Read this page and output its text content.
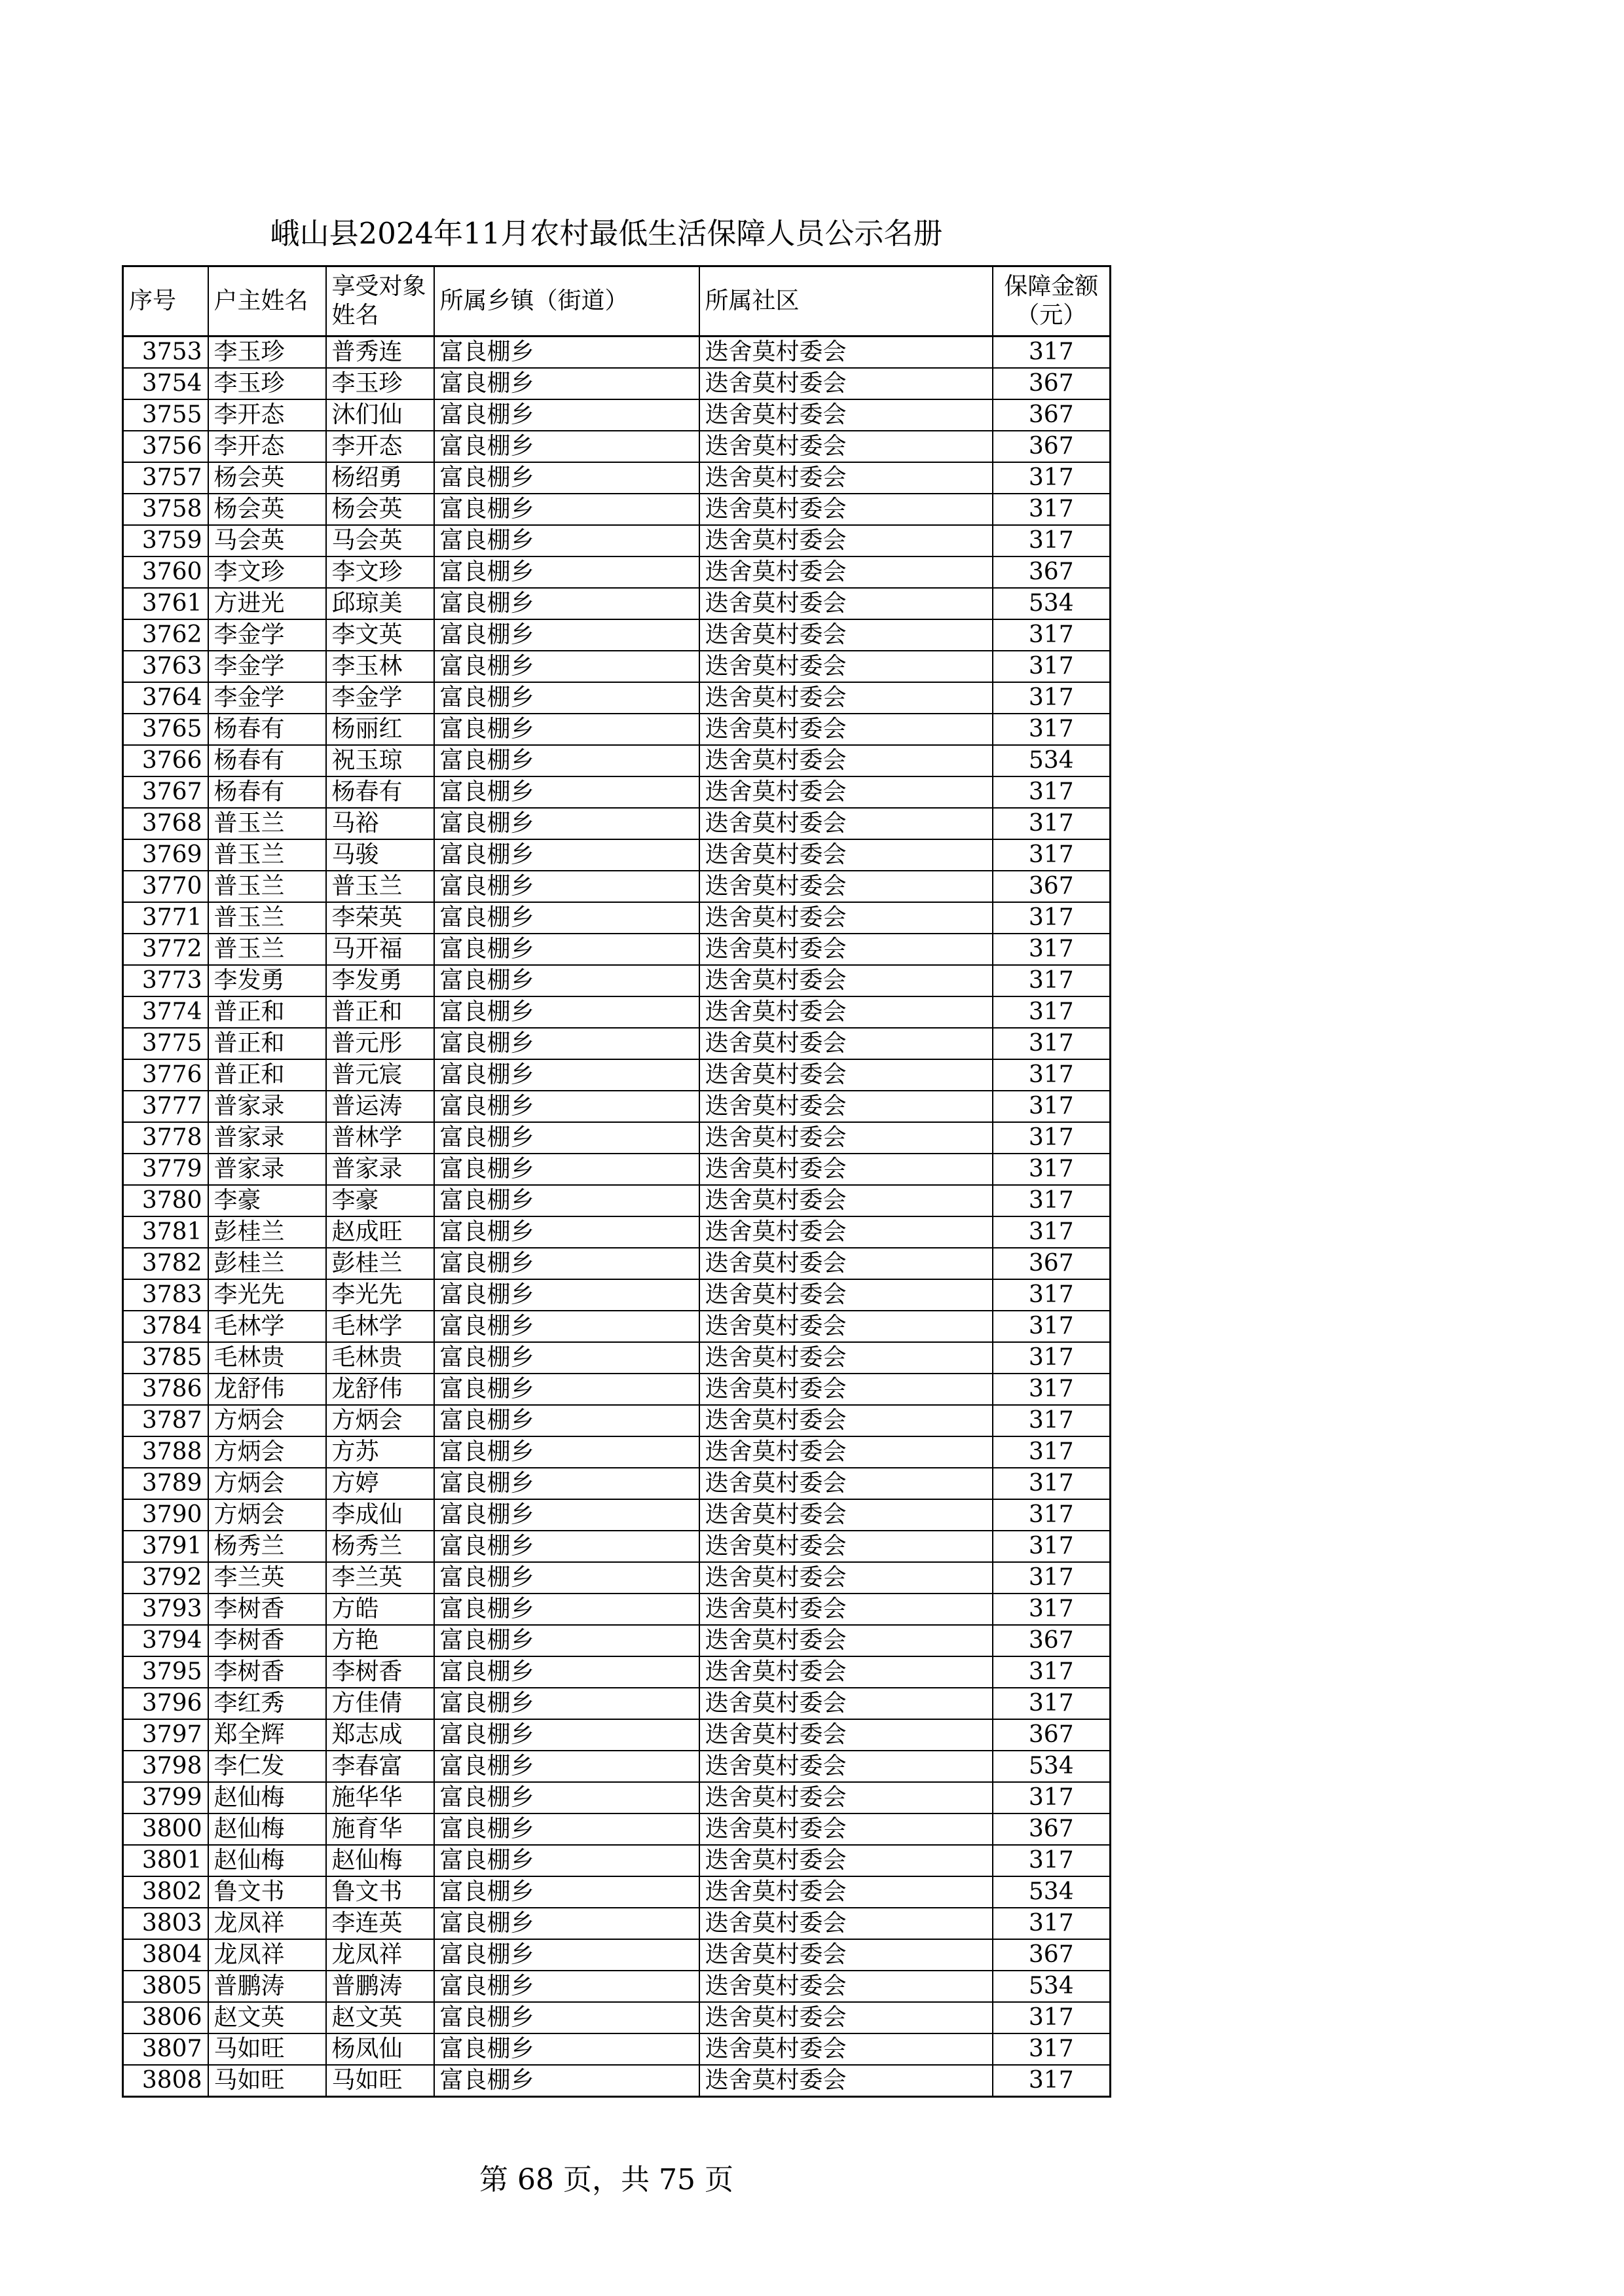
峨山县2024年11月农村最低生活保障人员公示名册
序号	户主姓名	享受对象姓名	所属乡镇（街道）	所属社区	保障金额（元）
3753	李玉珍	普秀连	富良棚乡	迭舍莫村委会	317
3754	李玉珍	李玉珍	富良棚乡	迭舍莫村委会	367
3755	李开态	沐们仙	富良棚乡	迭舍莫村委会	367
3756	李开态	李开态	富良棚乡	迭舍莫村委会	367
3757	杨会英	杨绍勇	富良棚乡	迭舍莫村委会	317
3758	杨会英	杨会英	富良棚乡	迭舍莫村委会	317
3759	马会英	马会英	富良棚乡	迭舍莫村委会	317
3760	李文珍	李文珍	富良棚乡	迭舍莫村委会	367
3761	方进光	邱琼美	富良棚乡	迭舍莫村委会	534
3762	李金学	李文英	富良棚乡	迭舍莫村委会	317
3763	李金学	李玉林	富良棚乡	迭舍莫村委会	317
3764	李金学	李金学	富良棚乡	迭舍莫村委会	317
3765	杨春有	杨丽红	富良棚乡	迭舍莫村委会	317
3766	杨春有	祝玉琼	富良棚乡	迭舍莫村委会	534
3767	杨春有	杨春有	富良棚乡	迭舍莫村委会	317
3768	普玉兰	马裕	富良棚乡	迭舍莫村委会	317
3769	普玉兰	马骏	富良棚乡	迭舍莫村委会	317
3770	普玉兰	普玉兰	富良棚乡	迭舍莫村委会	367
3771	普玉兰	李荣英	富良棚乡	迭舍莫村委会	317
3772	普玉兰	马开福	富良棚乡	迭舍莫村委会	317
3773	李发勇	李发勇	富良棚乡	迭舍莫村委会	317
3774	普正和	普正和	富良棚乡	迭舍莫村委会	317
3775	普正和	普元彤	富良棚乡	迭舍莫村委会	317
3776	普正和	普元宸	富良棚乡	迭舍莫村委会	317
3777	普家录	普运涛	富良棚乡	迭舍莫村委会	317
3778	普家录	普林学	富良棚乡	迭舍莫村委会	317
3779	普家录	普家录	富良棚乡	迭舍莫村委会	317
3780	李豪	李豪	富良棚乡	迭舍莫村委会	317
3781	彭桂兰	赵成旺	富良棚乡	迭舍莫村委会	317
3782	彭桂兰	彭桂兰	富良棚乡	迭舍莫村委会	367
3783	李光先	李光先	富良棚乡	迭舍莫村委会	317
3784	毛林学	毛林学	富良棚乡	迭舍莫村委会	317
3785	毛林贵	毛林贵	富良棚乡	迭舍莫村委会	317
3786	龙舒伟	龙舒伟	富良棚乡	迭舍莫村委会	317
3787	方炳会	方炳会	富良棚乡	迭舍莫村委会	317
3788	方炳会	方苏	富良棚乡	迭舍莫村委会	317
3789	方炳会	方婷	富良棚乡	迭舍莫村委会	317
3790	方炳会	李成仙	富良棚乡	迭舍莫村委会	317
3791	杨秀兰	杨秀兰	富良棚乡	迭舍莫村委会	317
3792	李兰英	李兰英	富良棚乡	迭舍莫村委会	317
3793	李树香	方皓	富良棚乡	迭舍莫村委会	317
3794	李树香	方艳	富良棚乡	迭舍莫村委会	367
3795	李树香	李树香	富良棚乡	迭舍莫村委会	317
3796	李红秀	方佳倩	富良棚乡	迭舍莫村委会	317
3797	郑全辉	郑志成	富良棚乡	迭舍莫村委会	367
3798	李仁发	李春富	富良棚乡	迭舍莫村委会	534
3799	赵仙梅	施华华	富良棚乡	迭舍莫村委会	317
3800	赵仙梅	施育华	富良棚乡	迭舍莫村委会	367
3801	赵仙梅	赵仙梅	富良棚乡	迭舍莫村委会	317
3802	鲁文书	鲁文书	富良棚乡	迭舍莫村委会	534
3803	龙凤祥	李连英	富良棚乡	迭舍莫村委会	317
3804	龙凤祥	龙凤祥	富良棚乡	迭舍莫村委会	367
3805	普鹏涛	普鹏涛	富良棚乡	迭舍莫村委会	534
3806	赵文英	赵文英	富良棚乡	迭舍莫村委会	317
3807	马如旺	杨凤仙	富良棚乡	迭舍莫村委会	317
3808	马如旺	马如旺	富良棚乡	迭舍莫村委会	317
第 68 页，共 75 页
